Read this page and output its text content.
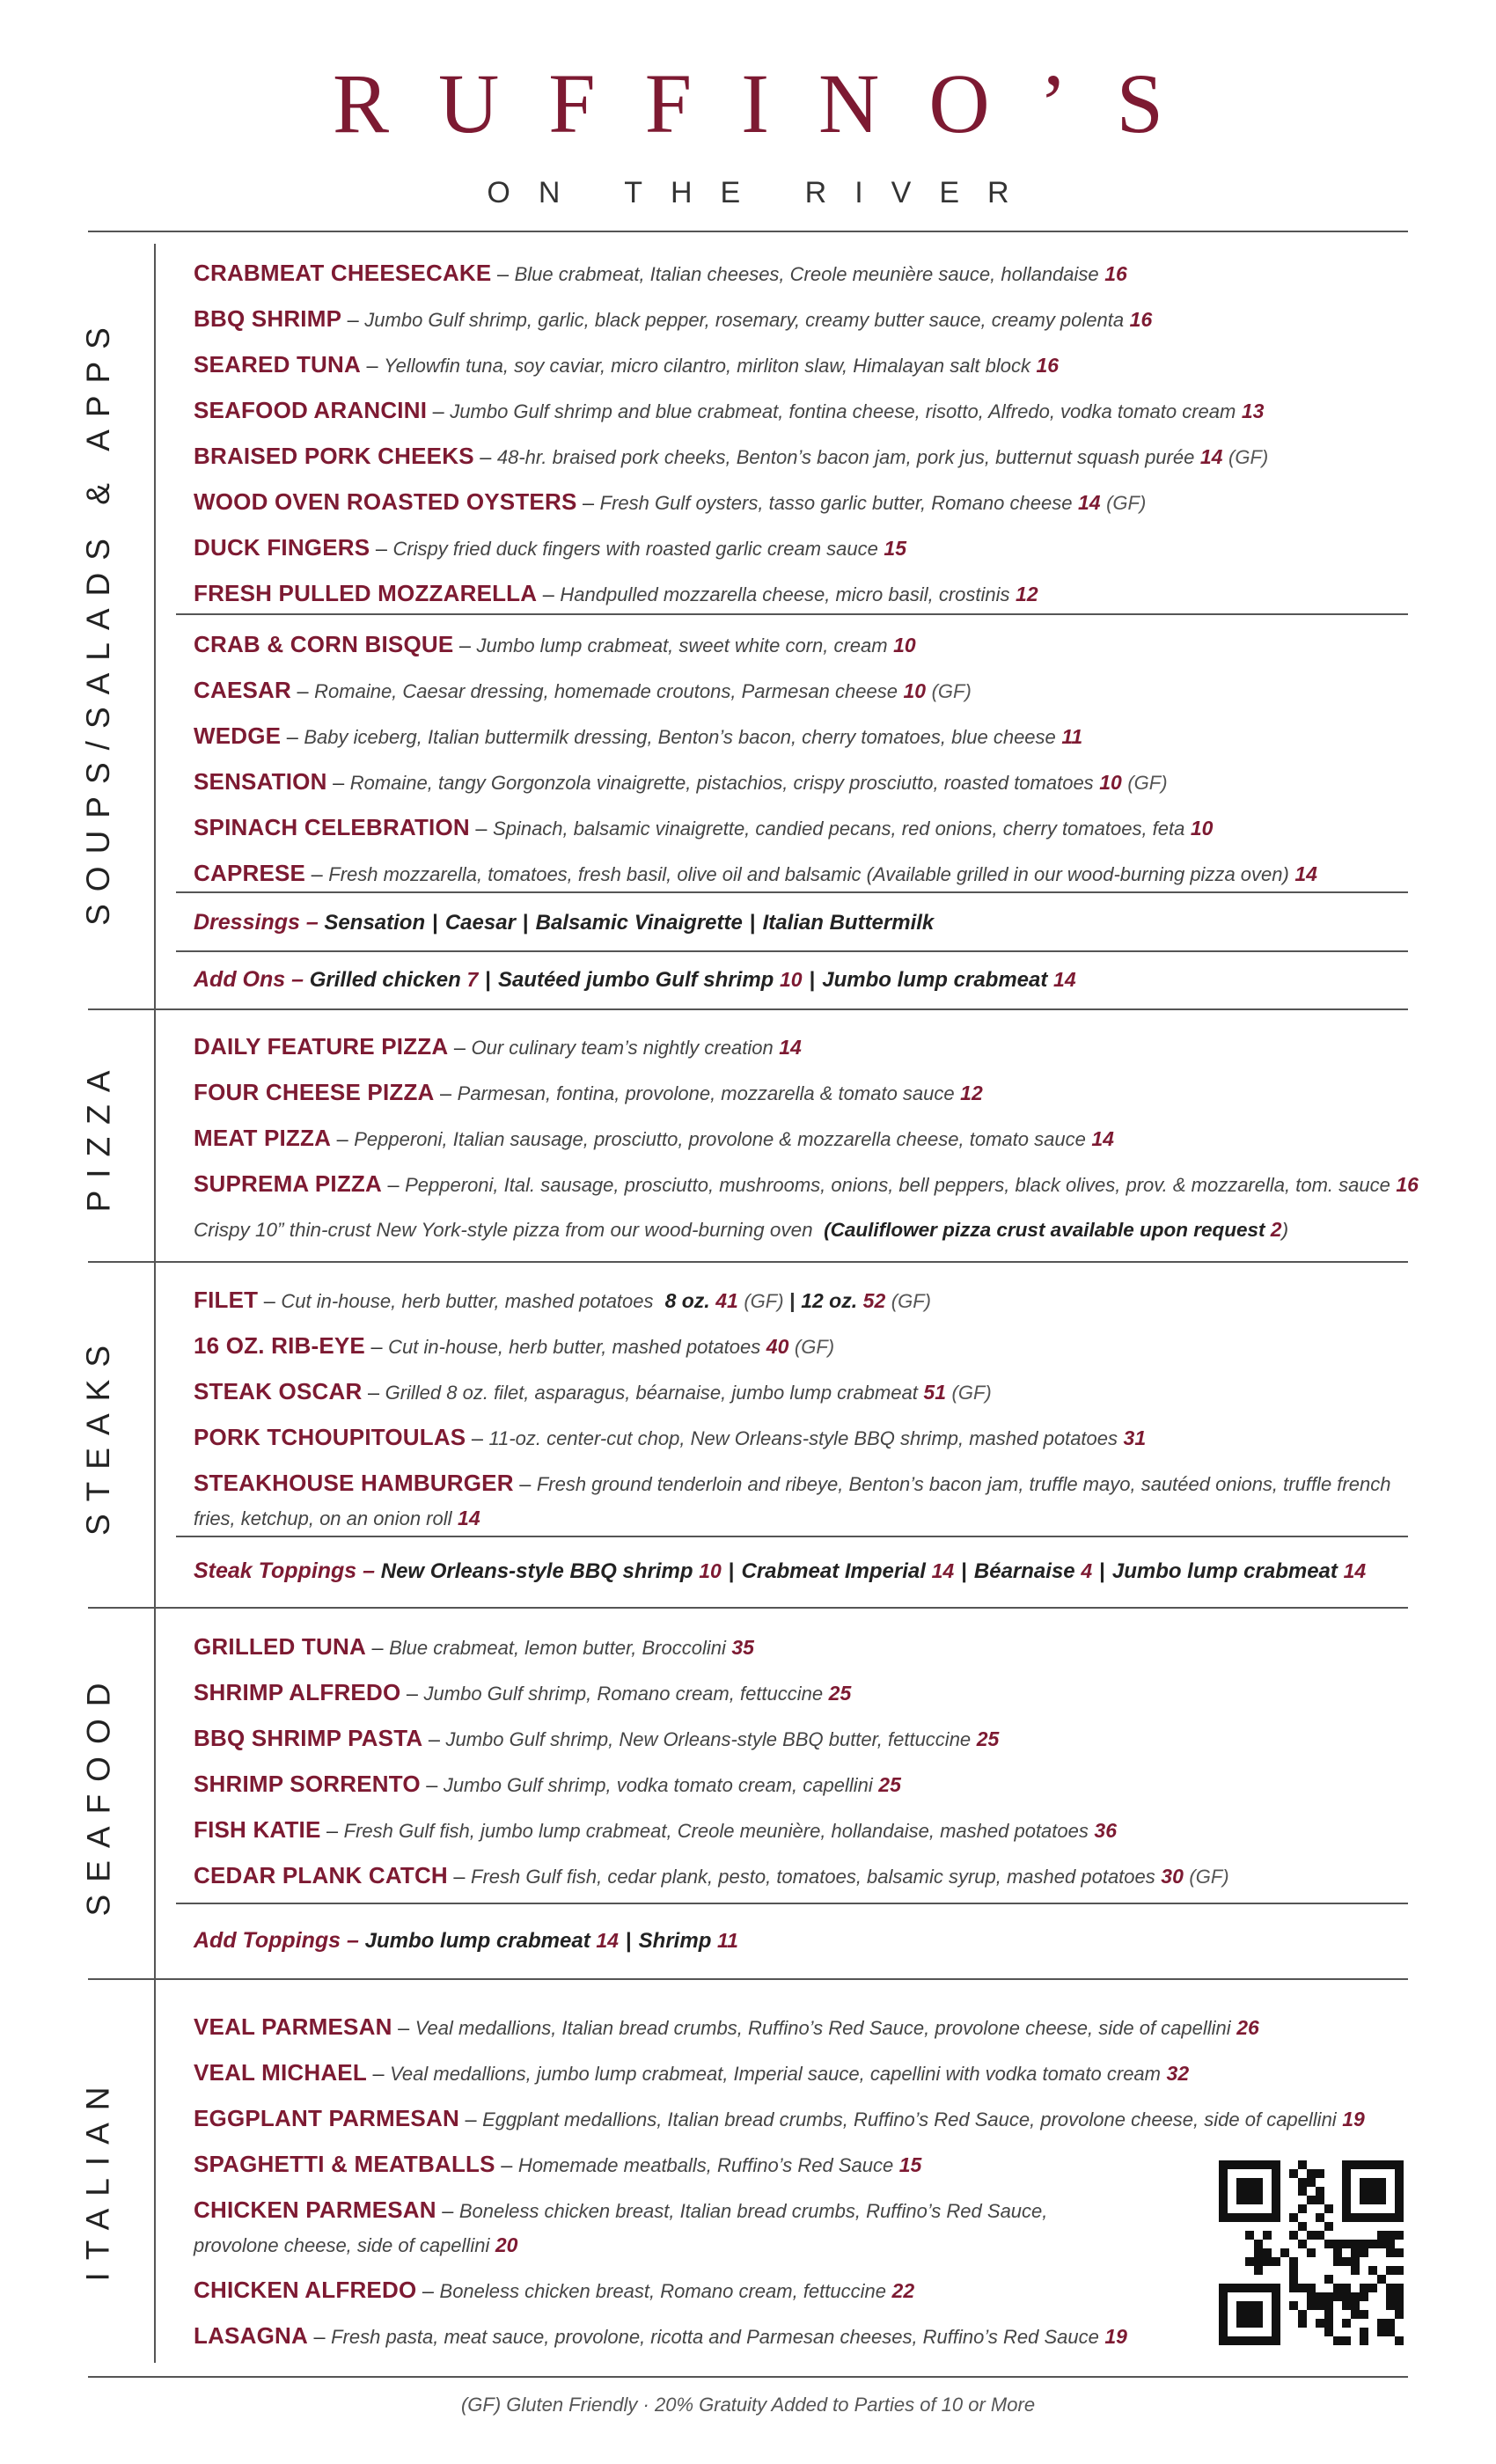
RUFFINO’S
ON THE RIVER
SOUPS/SALADS & APPS
PIZZA
STEAKS
SEAFOOD
ITALIAN
CRABMEAT CHEESECAKE – Blue crabmeat, Italian cheeses, Creole meunière sauce, hollandaise 16
BBQ SHRIMP – Jumbo Gulf shrimp, garlic, black pepper, rosemary, creamy butter sauce, creamy polenta 16
SEARED TUNA – Yellowfin tuna, soy caviar, micro cilantro, mirliton slaw, Himalayan salt block 16
SEAFOOD ARANCINI – Jumbo Gulf shrimp and blue crabmeat, fontina cheese, risotto, Alfredo, vodka tomato cream 13
BRAISED PORK CHEEKS – 48-hr. braised pork cheeks, Benton’s bacon jam, pork jus, butternut squash purée 14 (GF)
WOOD OVEN ROASTED OYSTERS – Fresh Gulf oysters, tasso garlic butter, Romano cheese 14 (GF)
DUCK FINGERS – Crispy fried duck fingers with roasted garlic cream sauce 15
FRESH PULLED MOZZARELLA – Handpulled mozzarella cheese, micro basil, crostinis 12
CRAB & CORN BISQUE – Jumbo lump crabmeat, sweet white corn, cream 10
CAESAR – Romaine, Caesar dressing, homemade croutons, Parmesan cheese 10 (GF)
WEDGE – Baby iceberg, Italian buttermilk dressing, Benton’s bacon, cherry tomatoes, blue cheese 11
SENSATION – Romaine, tangy Gorgonzola vinaigrette, pistachios, crispy prosciutto, roasted tomatoes 10 (GF)
SPINACH CELEBRATION – Spinach, balsamic vinaigrette, candied pecans, red onions, cherry tomatoes, feta 10
CAPRESE – Fresh mozzarella, tomatoes, fresh basil, olive oil and balsamic (Available grilled in our wood-burning pizza oven) 14
Dressings – Sensation | Caesar | Balsamic Vinaigrette | Italian Buttermilk
Add Ons – Grilled chicken 7 | Sautéed jumbo Gulf shrimp 10 | Jumbo lump crabmeat 14
DAILY FEATURE PIZZA – Our culinary team’s nightly creation 14
FOUR CHEESE PIZZA – Parmesan, fontina, provolone, mozzarella & tomato sauce 12
MEAT PIZZA – Pepperoni, Italian sausage, prosciutto, provolone & mozzarella cheese, tomato sauce 14
SUPREMA PIZZA – Pepperoni, Ital. sausage, prosciutto, mushrooms, onions, bell peppers, black olives, prov. & mozzarella, tom. sauce 16
Crispy 10” thin-crust New York-style pizza from our wood-burning oven (Cauliflower pizza crust available upon request 2)
FILET – Cut in-house, herb butter, mashed potatoes 8 oz. 41 (GF) | 12 oz. 52 (GF)
16 OZ. RIB-EYE – Cut in-house, herb butter, mashed potatoes 40 (GF)
STEAK OSCAR – Grilled 8 oz. filet, asparagus, béarnaise, jumbo lump crabmeat 51 (GF)
PORK TCHOUPITOULAS – 11-oz. center-cut chop, New Orleans-style BBQ shrimp, mashed potatoes 31
STEAKHOUSE HAMBURGER – Fresh ground tenderloin and ribeye, Benton’s bacon jam, truffle mayo, sautéed onions, truffle french fries, ketchup, on an onion roll 14
Steak Toppings – New Orleans-style BBQ shrimp 10 | Crabmeat Imperial 14 | Béarnaise 4 | Jumbo lump crabmeat 14
GRILLED TUNA – Blue crabmeat, lemon butter, Broccolini 35
SHRIMP ALFREDO – Jumbo Gulf shrimp, Romano cream, fettuccine 25
BBQ SHRIMP PASTA – Jumbo Gulf shrimp, New Orleans-style BBQ butter, fettuccine 25
SHRIMP SORRENTO – Jumbo Gulf shrimp, vodka tomato cream, capellini 25
FISH KATIE – Fresh Gulf fish, jumbo lump crabmeat, Creole meunière, hollandaise, mashed potatoes 36
CEDAR PLANK CATCH – Fresh Gulf fish, cedar plank, pesto, tomatoes, balsamic syrup, mashed potatoes 30 (GF)
Add Toppings – Jumbo lump crabmeat 14 | Shrimp 11
VEAL PARMESAN – Veal medallions, Italian bread crumbs, Ruffino’s Red Sauce, provolone cheese, side of capellini 26
VEAL MICHAEL – Veal medallions, jumbo lump crabmeat, Imperial sauce, capellini with vodka tomato cream 32
EGGPLANT PARMESAN – Eggplant medallions, Italian bread crumbs, Ruffino’s Red Sauce, provolone cheese, side of capellini 19
SPAGHETTI & MEATBALLS – Homemade meatballs, Ruffino’s Red Sauce 15
CHICKEN PARMESAN – Boneless chicken breast, Italian bread crumbs, Ruffino’s Red Sauce, provolone cheese, side of capellini 20
CHICKEN ALFREDO – Boneless chicken breast, Romano cream, fettuccine 22
LASAGNA – Fresh pasta, meat sauce, provolone, ricotta and Parmesan cheeses, Ruffino’s Red Sauce 19
(GF) Gluten Friendly · 20% Gratuity Added to Parties of 10 or More
